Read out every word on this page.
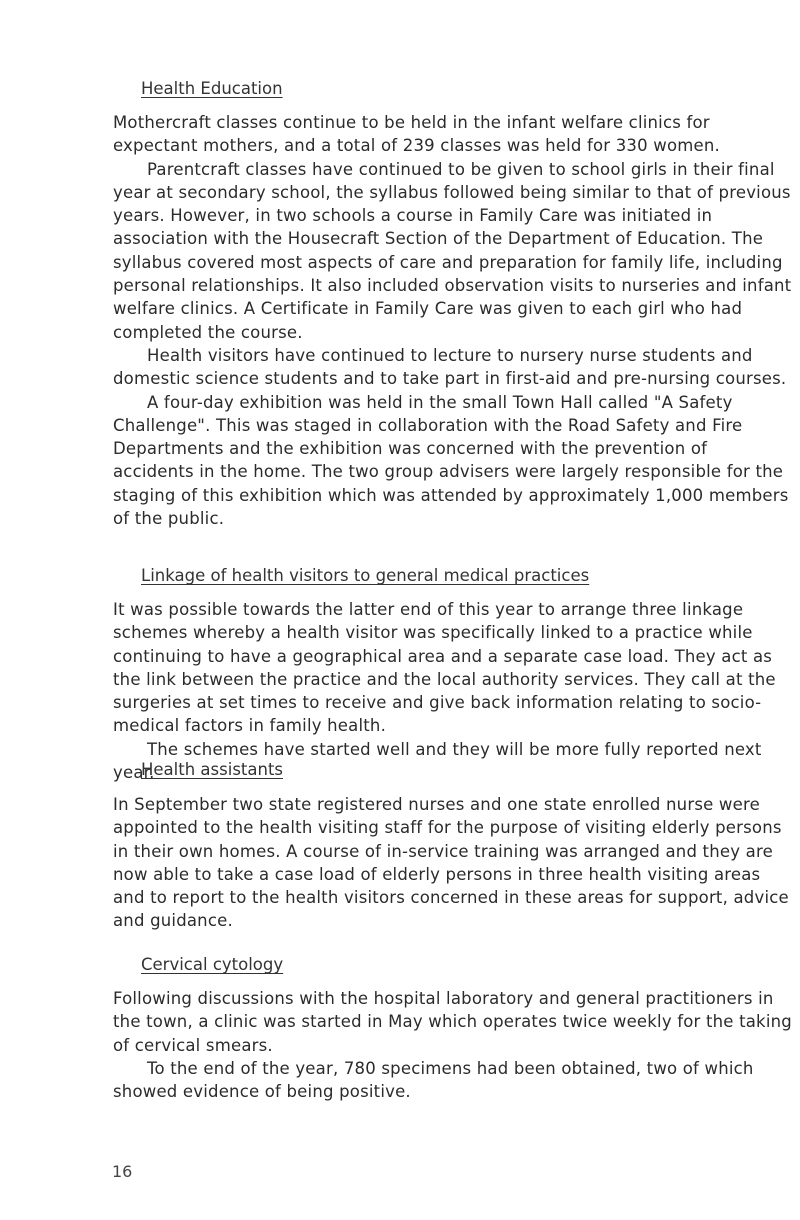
Health Education

Mothercraft classes continue to be held in the infant welfare clinics for expectant mothers, and a total of 239 classes was held for 330 women.

Parentcraft classes have continued to be given to school girls in their final year at secondary school, the syllabus followed being similar to that of previous years. However, in two schools a course in Family Care was initiated in association with the Housecraft Section of the Department of Education. The syllabus covered most aspects of care and preparation for family life, including personal relationships. It also included observation visits to nurseries and infant welfare clinics. A Certificate in Family Care was given to each girl who had completed the course.

Health visitors have continued to lecture to nursery nurse students and domestic science students and to take part in first-aid and pre-nursing courses.

A four-day exhibition was held in the small Town Hall called "A Safety Challenge". This was staged in collaboration with the Road Safety and Fire Departments and the exhibition was concerned with the prevention of accidents in the home. The two group advisers were largely responsible for the staging of this exhibition which was attended by approximately 1,000 members of the public.

Linkage of health visitors to general medical practices

It was possible towards the latter end of this year to arrange three linkage schemes whereby a health visitor was specifically linked to a practice while continuing to have a geographical area and a separate case load. They act as the link between the practice and the local authority services. They call at the surgeries at set times to receive and give back information relating to socio-medical factors in family health.

The schemes have started well and they will be more fully reported next year.

Health assistants

In September two state registered nurses and one state enrolled nurse were appointed to the health visiting staff for the purpose of visiting elderly persons in their own homes. A course of in-service training was arranged and they are now able to take a case load of elderly persons in three health visiting areas and to report to the health visitors concerned in these areas for support, advice and guidance.

Cervical cytology

Following discussions with the hospital laboratory and general practitioners in the town, a clinic was started in May which operates twice weekly for the taking of cervical smears.

To the end of the year, 780 specimens had been obtained, two of which showed evidence of being positive.

16
